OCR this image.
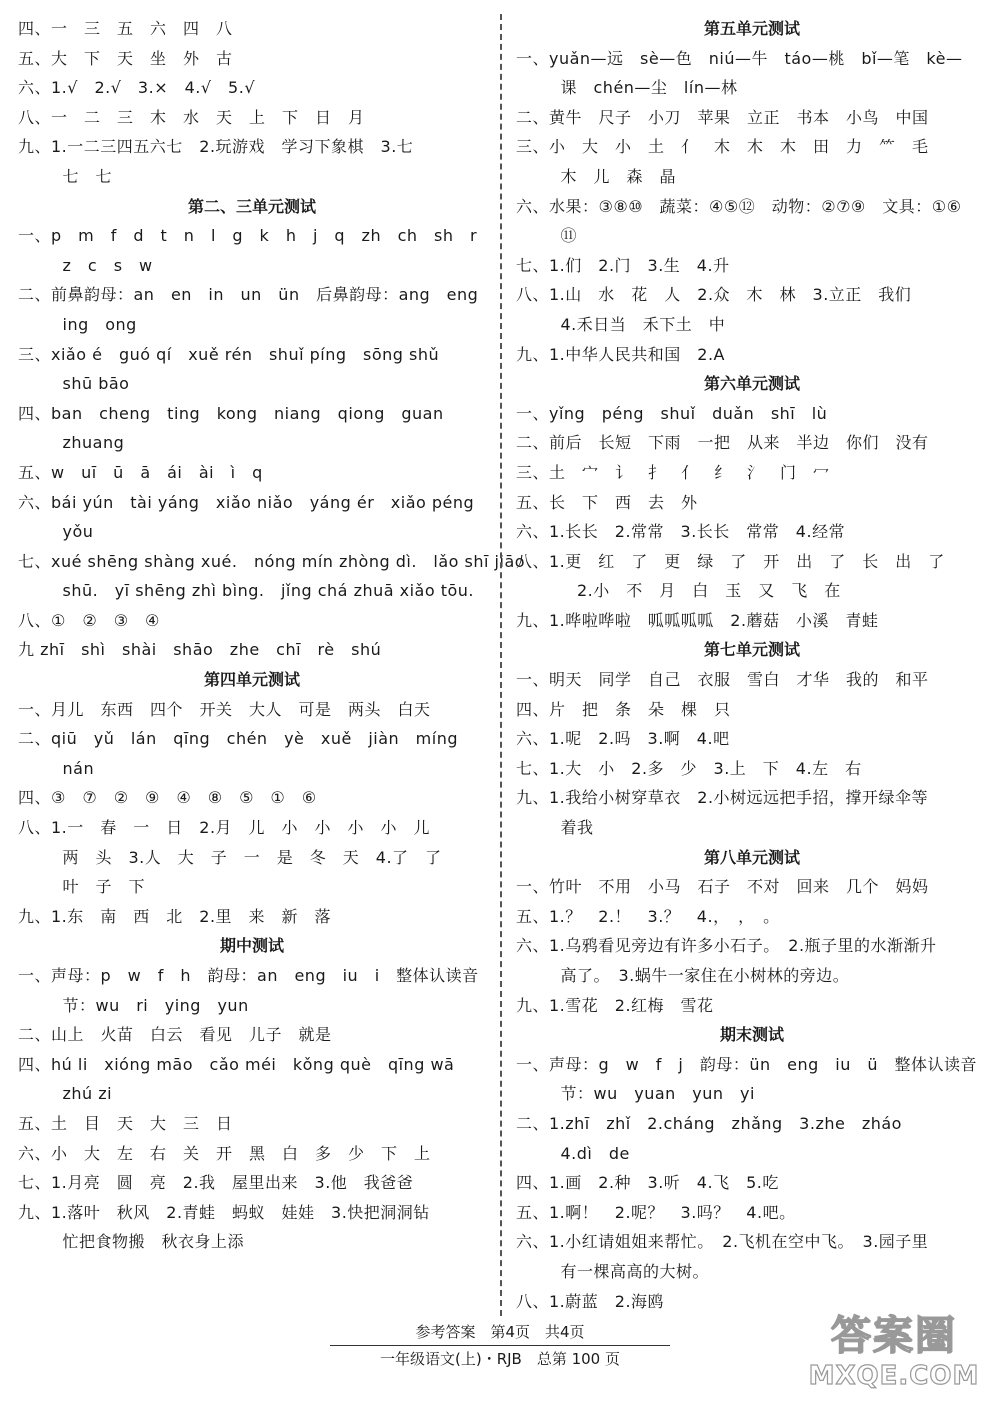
四、一　三　五　六　四　八
五、大　下　天　坐　外　古
六、1.√　2.√　3.×　4.√　5.√
八、一　二　三　木　水　天　上　下　日　月
九、1.一二三四五六七　2.玩游戏　学习下象棋　3.七
　七　七
第二、三单元测试
一、p　m　f　d　t　n　l　g　k　h　j　q　zh　ch　sh　r
　z　c　s　w
二、前鼻韵母：an　en　in　un　ün　后鼻韵母：ang　eng
　ing　ong
三、xiǎo é　guó qí　xuě rén　shuǐ píng　sōng shǔ
　shū bāo
四、ban　cheng　ting　kong　niang　qiong　guan
　zhuang
五、w　uī　ū　ā　ái　ài　ì　q
六、bái yún　tài yáng　xiǎo niǎo　yáng ér　xiǎo péng
　yǒu
七、xué shēng shàng xué.　nóng mín zhòng dì.　lǎo shī jiāo
　shū.　yī shēng zhì bìng.　jǐng chá zhuā xiǎo tōu.
八、①　②　③　④
九 zhī　shì　shài　shāo　zhe　chī　rè　shú
第四单元测试
一、月儿　东西　四个　开关　大人　可是　两头　白天
二、qiū　yǔ　lán　qīng　chén　yè　xuě　jiàn　míng
　nán
四、③　⑦　②　⑨　④　⑧　⑤　①　⑥
八、1.一　春　一　日　2.月　儿　小　小　小　小　儿
　两　头　3.人　大　子　一　是　冬　天　4.了　了
　叶　子　下
九、1.东　南　西　北　2.里　来　新　落
期中测试
一、声母：p　w　f　h　韵母：an　eng　iu　i　整体认读音
　节：wu　ri　ying　yun
二、山上　火苗　白云　看见　儿子　就是
四、hú li　xióng māo　cǎo méi　kǒng què　qīng wā
　zhú zi
五、土　目　天　大　三　日
六、小　大　左　右　关　开　黑　白　多　少　下　上
七、1.月亮　圆　亮　2.我　屋里出来　3.他　我爸爸
九、1.落叶　秋风　2.青蛙　蚂蚁　娃娃　3.快把洞洞钻
　忙把食物搬　秋衣身上添
第五单元测试
一、yuǎn—远　sè—色　niú—牛　táo—桃　bǐ—笔　kè—
　课　chén—尘　lín—林
二、黄牛　尺子　小刀　苹果　立正　书本　小鸟　中国
三、小　大　小　土　亻　木　木　木　田　力　⺮　毛
　木　儿　森　晶
六、水果：③⑧⑩　蔬菜：④⑤⑫　动物：②⑦⑨　文具：①⑥
　⑪
七、1.们　2.门　3.生　4.升
八、1.山　水　花　人　2.众　木　林　3.立正　我们
　4.禾日当　禾下土　中
九、1.中华人民共和国　2.A
第六单元测试
一、yǐng　péng　shuǐ　duǎn　shī　lù
二、前后　长短　下雨　一把　从来　半边　你们　没有
三、土　宀　讠　扌　亻　纟　氵　门　冖
五、长　下　西　去　外
六、1.长长　2.常常　3.长长　常常　4.经常
八、1.更　红　了　更　绿　了　开　出　了　长　出　了
　　2.小　不　月　白　玉　又　飞　在
九、1.哗啦哗啦　呱呱呱呱　2.蘑菇　小溪　青蛙
第七单元测试
一、明天　同学　自己　衣服　雪白　才华　我的　和平
四、片　把　条　朵　棵　只
六、1.呢　2.吗　3.啊　4.吧
七、1.大　小　2.多　少　3.上　下　4.左　右
九、1.我给小树穿草衣　2.小树远远把手招，撑开绿伞等
　着我
第八单元测试
一、竹叶　不用　小马　石子　不对　回来　几个　妈妈
五、1.？　2.！　3.？　4.，　，　。
六、1.乌鸦看见旁边有许多小石子。　2.瓶子里的水渐渐升
　高了。　3.蜗牛一家住在小树林的旁边。
九、1.雪花　2.红梅　雪花
期末测试
一、声母：g　w　f　j　韵母：ün　eng　iu　ü　整体认读音
　节：wu　yuan　yun　yi
二、1.zhī　zhǐ　2.cháng　zhǎng　3.zhe　zháo
　4.dì　de
四、1.画　2.种　3.听　4.飞　5.吃
五、1.啊！　2.呢？　3.吗？　4.吧。
六、1.小红请姐姐来帮忙。　2.飞机在空中飞。　3.园子里
　有一棵高高的大树。
八、1.蔚蓝　2.海鸥
参考答案　第4页　共4页
一年级语文(上)・RJB　总第 100 页	答案圈
MXQE.COM
